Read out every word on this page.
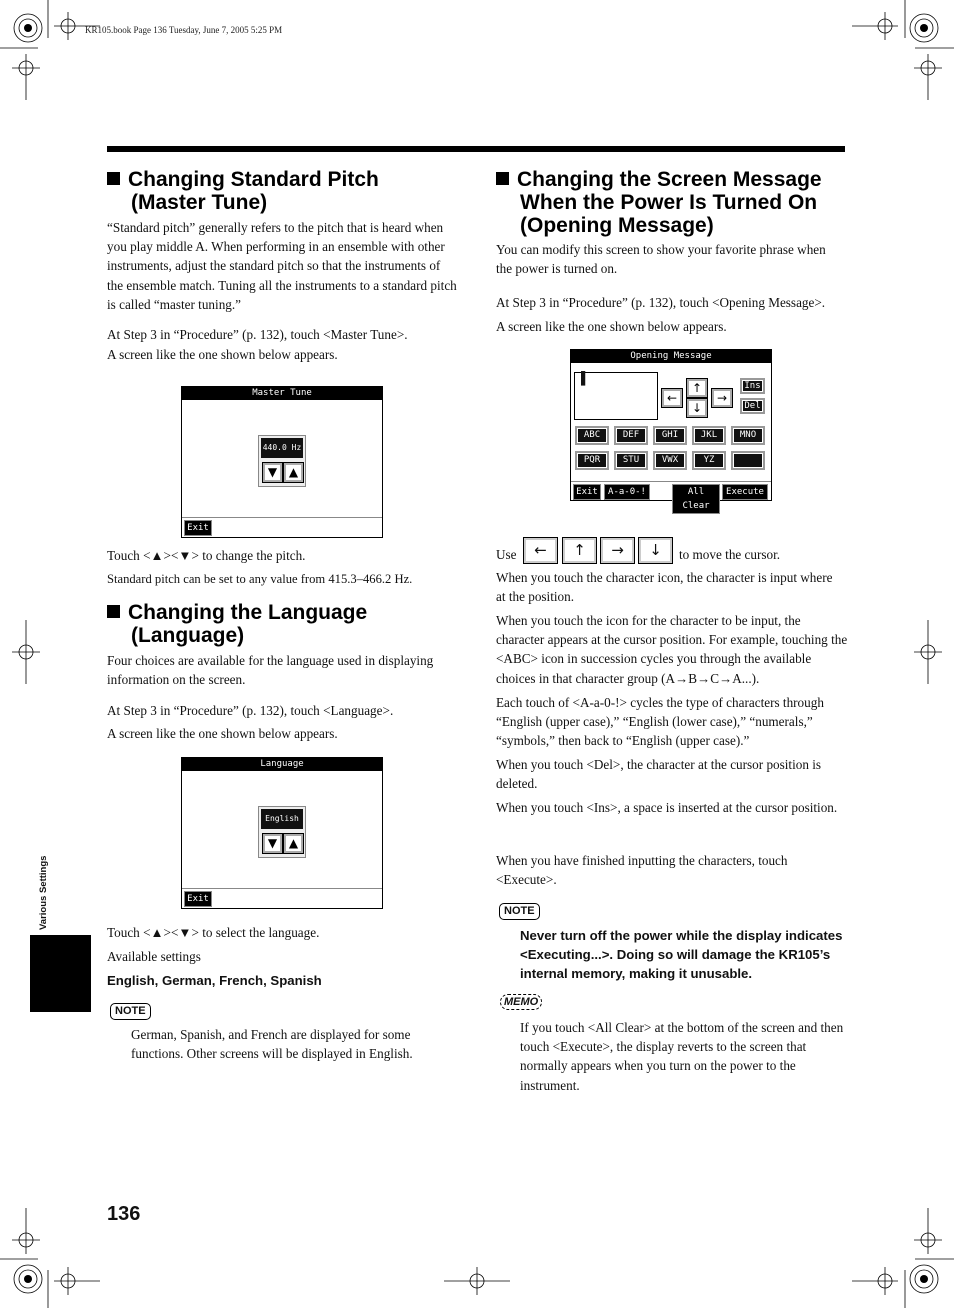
KR105.book Page 136 Tuesday, June 7, 2005 5:25 PM
Changing Standard Pitch
(Master Tune)

“Standard pitch” generally refers to the pitch that is heard when you play middle A. When performing in an ensemble with other instruments, adjust the standard pitch so that the instruments of the ensemble match. Tuning all the instruments to a standard pitch is called “master tuning.”

At Step 3 in “Procedure” (p. 132), touch <Master Tune>.

A screen like the one shown below appears.

Master Tune
440.0 Hz
▼ ▲
Exit

Touch <▲><▼> to change the pitch.

Standard pitch can be set to any value from 415.3–466.2 Hz.

Changing the Language
(Language)

Four choices are available for the language used in displaying information on the screen.

At Step 3 in “Procedure” (p. 132), touch <Language>.

A screen like the one shown below appears.

Language
English
▼ ▲
Exit

Touch <▲><▼> to select the language.

Available settings

English, German, French, Spanish

NOTE

German, Spanish, and French are displayed for some functions. Other screens will be displayed in English.

Changing the Screen Message
When the Power Is Turned On
(Opening Message)

You can modify this screen to show your favorite phrase when the power is turned on.

At Step 3 in “Procedure” (p. 132), touch <Opening Message>.

A screen like the one shown below appears.

Opening Message
▌
←
↑
↓
→
Ins
Del
ABC	DEF	GHI	JKL	MNO
PQR	STU	VWX	YZ
Exit	A-a-0-!	All Clear
Execute

Use	←	↑	→	↓	to move the cursor.

When you touch the character icon, the character is input where at the position.

When you touch the icon for the character to be input, the character appears at the cursor position. For example, touching the <ABC> icon in succession cycles you through the available choices in that character group (A→B→C→A...).

Each touch of <A-a-0-!> cycles the type of characters through “English (upper case),” “English (lower case),” “numerals,” “symbols,” then back to “English (upper case).”

When you touch <Del>, the character at the cursor position is deleted.

When you touch <Ins>, a space is inserted at the cursor position.

When you have finished inputting the characters, touch <Execute>.

NOTE

Never turn off the power while the display indicates <Executing...>. Doing so will damage the KR105’s internal memory, making it unusable.

MEMO

If you touch <All Clear> at the bottom of the screen and then touch <Execute>, the display reverts to the screen that normally appears when you turn on the power to the instrument.

Various Settings
136
